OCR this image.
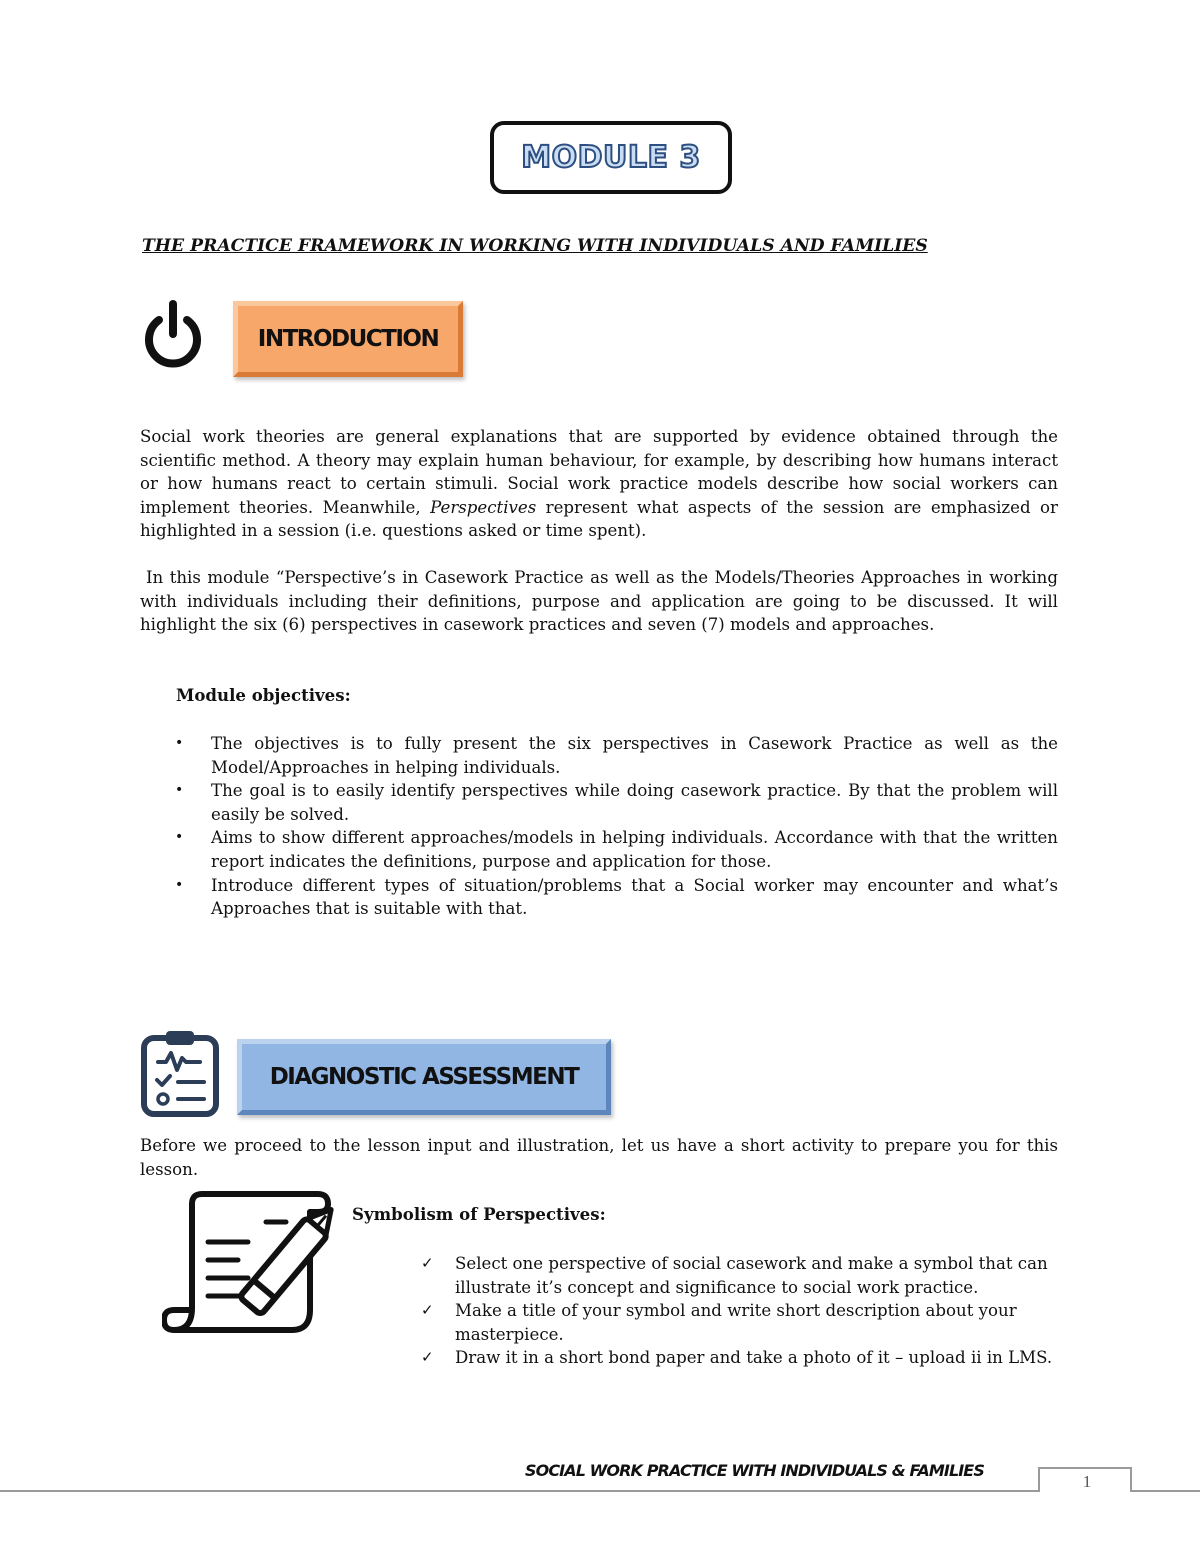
MODULE 3
THE PRACTICE FRAMEWORK IN WORKING WITH INDIVIDUALS AND FAMILIES
INTRODUCTION

Social work theories are general explanations that are supported by evidence obtained through the scientific method. A theory may explain human behaviour, for example, by describing how humans interact or how humans react to certain stimuli. Social work practice models describe how social workers can implement theories. Meanwhile, Perspectives represent what aspects of the session are emphasized or highlighted in a session (i.e. questions asked or time spent).

In this module “Perspective’s in Casework Practice as well as the Models/Theories Approaches in working with individuals including their definitions, purpose and application are going to be discussed. It will highlight the six (6) perspectives in casework practices and seven (7) models and approaches.

Module objectives:
• The objectives is to fully present the six perspectives in Casework Practice as well as the Model/Approaches in helping individuals.
• The goal is to easily identify perspectives while doing casework practice. By that the problem will easily be solved.
• Aims to show different approaches/models in helping individuals. Accordance with that the written report indicates the definitions, purpose and application for those.
• Introduce different types of situation/problems that a Social worker may encounter and what’s Approaches that is suitable with that.
DIAGNOSTIC ASSESSMENT

Before we proceed to the lesson input and illustration, let us have a short activity to prepare you for this lesson.

Symbolism of Perspectives:
✓ Select one perspective of social casework and make a symbol that can illustrate it’s concept and significance to social work practice.
✓ Make a title of your symbol and write short description about your masterpiece.
✓ Draw it in a short bond paper and take a photo of it – upload ii in LMS.
SOCIAL WORK PRACTICE WITH INDIVIDUALS & FAMILIES
1
